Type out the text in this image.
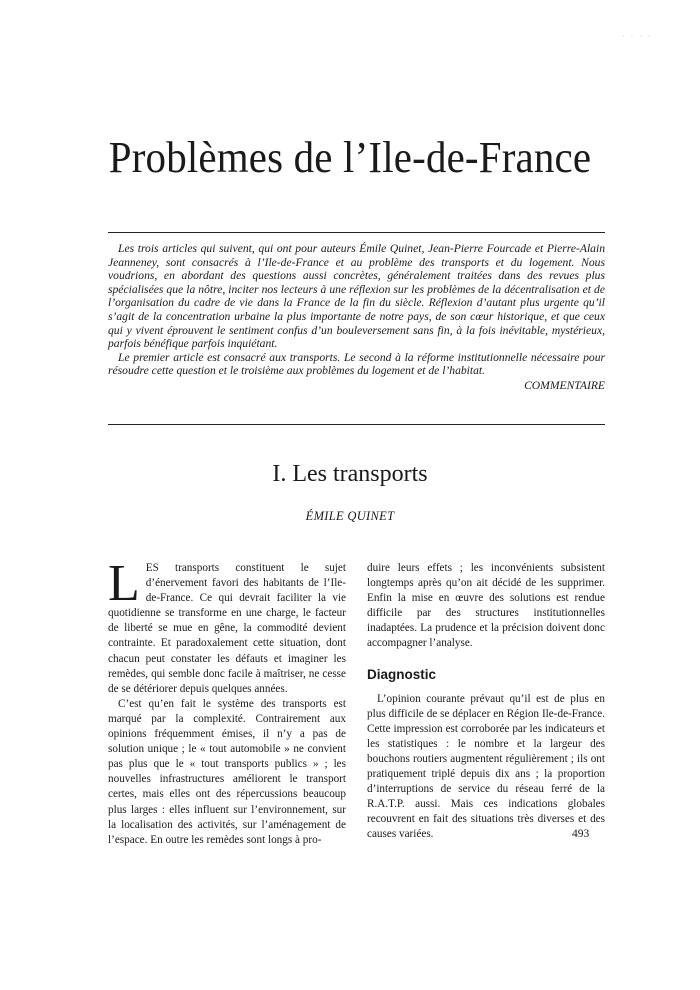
· · · ·
Problèmes de l’Ile-de-France

Les trois articles qui suivent, qui ont pour auteurs Émile Quinet, Jean-Pierre Fourcade et Pierre-Alain Jeanneney, sont consacrés à l’Ile-de-France et au problème des transports et du logement. Nous voudrions, en abordant des questions aussi concrètes, généralement traitées dans des revues plus spécialisées que la nôtre, inciter nos lecteurs à une réflexion sur les problèmes de la décentralisation et de l’organisation du cadre de vie dans la France de la fin du siècle. Réflexion d’autant plus urgente qu’il s’agit de la concentration urbaine la plus importante de notre pays, de son cœur historique, et que ceux qui y vivent éprouvent le sentiment confus d’un bouleversement sans fin, à la fois inévitable, mystérieux, parfois bénéfique parfois inquiétant.

Le premier article est consacré aux transports. Le second à la réforme institutionnelle nécessaire pour résoudre cette question et le troisième aux problèmes du logement et de l’habitat.

COMMENTAIRE

I. Les transports
ÉMILE QUINET

LES transports constituent le sujet d’énervement favori des habitants de l’Ile-de-France. Ce qui devrait faciliter la vie quotidienne se transforme en une charge, le facteur de liberté se mue en gêne, la commodité devient contrainte. Et paradoxalement cette situation, dont chacun peut constater les défauts et imaginer les remèdes, qui semble donc facile à maîtriser, ne cesse de se détériorer depuis quelques années.

C’est qu’en fait le système des transports est marqué par la complexité. Contrairement aux opinions fréquemment émises, il n’y a pas de solution unique ; le « tout automobile » ne convient pas plus que le « tout transports publics » ; les nouvelles infrastructures améliorent le transport certes, mais elles ont des répercussions beaucoup plus larges : elles influent sur l’environnement, sur la localisation des activités, sur l’aménagement de l’espace. En outre les remèdes sont longs à pro-

duire leurs effets ; les inconvénients subsistent longtemps après qu’on ait décidé de les supprimer. Enfin la mise en œuvre des solutions est rendue difficile par des structures institutionnelles inadaptées. La prudence et la précision doivent donc accompagner l’analyse.

Diagnostic

L’opinion courante prévaut qu’il est de plus en plus difficile de se déplacer en Région Ile-de-France. Cette impression est corroborée par les indicateurs et les statistiques : le nombre et la largeur des bouchons routiers augmentent régulièrement ; ils ont pratiquement triplé depuis dix ans ; la proportion d’interruptions de service du réseau ferré de la R.A.T.P. aussi. Mais ces indications globales recouvrent en fait des situations très diverses et des causes variées.	493
